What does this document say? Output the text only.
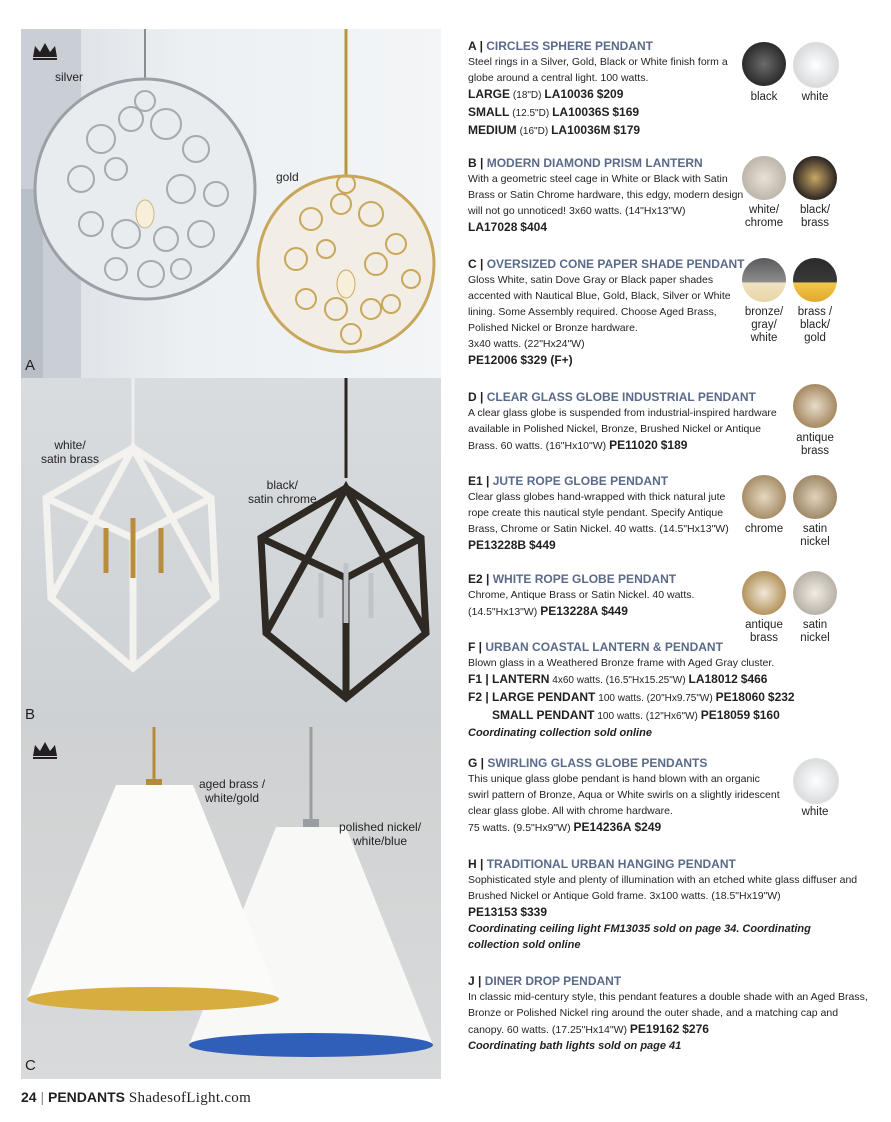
silver
gold
A
white/
satin brass
black/
satin chrome
B
aged brass /
white/gold
polished nickel/
white/blue
C
A | CIRCLES SPHERE PENDANT
Steel rings in a Silver, Gold, Black or White finish form a globe around a central light. 100 watts.
LARGE (18"D) LA10036 $209
SMALL (12.5"D) LA10036S $169
MEDIUM (16"D) LA10036M $179
black	white
B | MODERN DIAMOND PRISM LANTERN
With a geometric steel cage in White or Black with Satin Brass or Satin Chrome hardware, this edgy, modern design will not go unnoticed! 3x60 watts. (14"Hx13"W)
LA17028 $404
white/
chrome
black/
brass
C | OVERSIZED CONE PAPER SHADE PENDANT
Gloss White, satin Dove Gray or Black paper shades accented with Nautical Blue, Gold, Black, Silver or White lining. Some Assembly required. Choose Aged Brass, Polished Nickel or Bronze hardware.
3x40 watts. (22"Hx24"W)
PE12006 $329 (F+)
bronze/
gray/
white
brass /
black/
gold
D | CLEAR GLASS GLOBE INDUSTRIAL PENDANT
A clear glass globe is suspended from industrial-inspired hardware available in Polished Nickel, Bronze, Brushed Nickel or Antique Brass. 60 watts. (16"Hx10"W) PE11020 $189	antique
brass
E1 | JUTE ROPE GLOBE PENDANT
Clear glass globes hand-wrapped with thick natural jute rope create this nautical style pendant. Specify Antique Brass, Chrome or Satin Nickel. 40 watts. (14.5"Hx13"W)
PE13228B $449
chrome	satin
nickel
E2 | WHITE ROPE GLOBE PENDANT
Chrome, Antique Brass or Satin Nickel. 40 watts. (14.5"Hx13"W) PE13228A $449
antique
brass
satin
nickel
F | URBAN COASTAL LANTERN & PENDANT
Blown glass in a Weathered Bronze frame with Aged Gray cluster.
F1 | LANTERN 4x60 watts. (16.5"Hx15.25"W) LA18012 $466
F2 | LARGE PENDANT 100 watts. (20"Hx9.75"W) PE18060 $232
SMALL PENDANT 100 watts. (12"Hx6"W) PE18059 $160
Coordinating collection sold online
G | SWIRLING GLASS GLOBE PENDANTS
This unique glass globe pendant is hand blown with an organic swirl pattern of Bronze, Aqua or White swirls on a slightly iridescent clear glass globe. All with chrome hardware.
75 watts. (9.5"Hx9"W) PE14236A $249
white
H | TRADITIONAL URBAN HANGING PENDANT
Sophisticated style and plenty of illumination with an etched white glass diffuser and Brushed Nickel or Antique Gold frame. 3x100 watts. (18.5"Hx19"W)
PE13153 $339
Coordinating ceiling light FM13035 sold on page 34. Coordinating collection sold online
J | DINER DROP PENDANT
In classic mid-century style, this pendant features a double shade with an Aged Brass, Bronze or Polished Nickel ring around the outer shade, and a matching cap and canopy. 60 watts. (17.25"Hx14"W) PE19162 $276
Coordinating bath lights sold on page 41
24 | PENDANTS ShadesofLight.com
